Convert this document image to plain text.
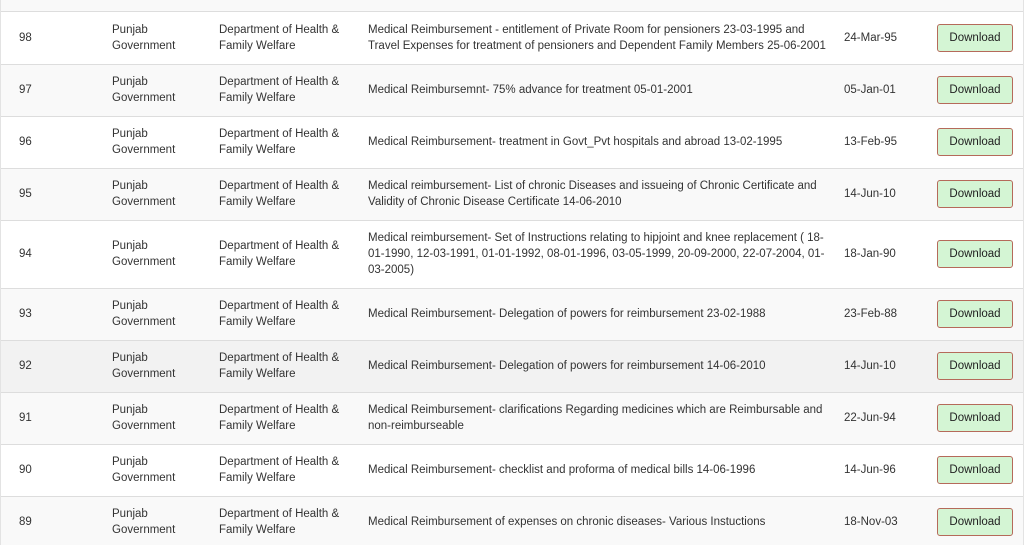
98	Punjab Government	Department of Health & Family Welfare	Medical Reimbursement - entitlement of Private Room for pensioners 23-03-1995 and Travel Expenses for treatment of pensioners and Dependent Family Members 25-06-2001	24-Mar-95	Download
97	Punjab Government	Department of Health & Family Welfare	Medical Reimbursemnt- 75% advance for treatment 05-01-2001	05-Jan-01	Download
96	Punjab Government	Department of Health & Family Welfare	Medical Reimbursement- treatment in Govt_Pvt hospitals and abroad 13-02-1995	13-Feb-95	Download
95	Punjab Government	Department of Health & Family Welfare	Medical reimbursement- List of chronic Diseases and issueing of Chronic Certificate and Validity of Chronic Disease Certificate 14-06-2010	14-Jun-10	Download
94	Punjab Government	Department of Health & Family Welfare	Medical reimbursement- Set of Instructions relating to hipjoint and knee replacement ( 18-01-1990, 12-03-1991, 01-01-1992, 08-01-1996, 03-05-1999, 20-09-2000, 22-07-2004, 01-03-2005)	18-Jan-90	Download
93	Punjab Government	Department of Health & Family Welfare	Medical Reimbursement- Delegation of powers for reimbursement 23-02-1988	23-Feb-88	Download
92	Punjab Government	Department of Health & Family Welfare	Medical Reimbursement- Delegation of powers for reimbursement 14-06-2010	14-Jun-10	Download
91	Punjab Government	Department of Health & Family Welfare	Medical Reimbursement- clarifications Regarding medicines which are Reimbursable and non-reimburseable	22-Jun-94	Download
90	Punjab Government	Department of Health & Family Welfare	Medical Reimbursement- checklist and proforma of medical bills 14-06-1996	14-Jun-96	Download
89	Punjab Government	Department of Health & Family Welfare	Medical Reimbursement of expenses on chronic diseases- Various Instuctions	18-Nov-03	Download
